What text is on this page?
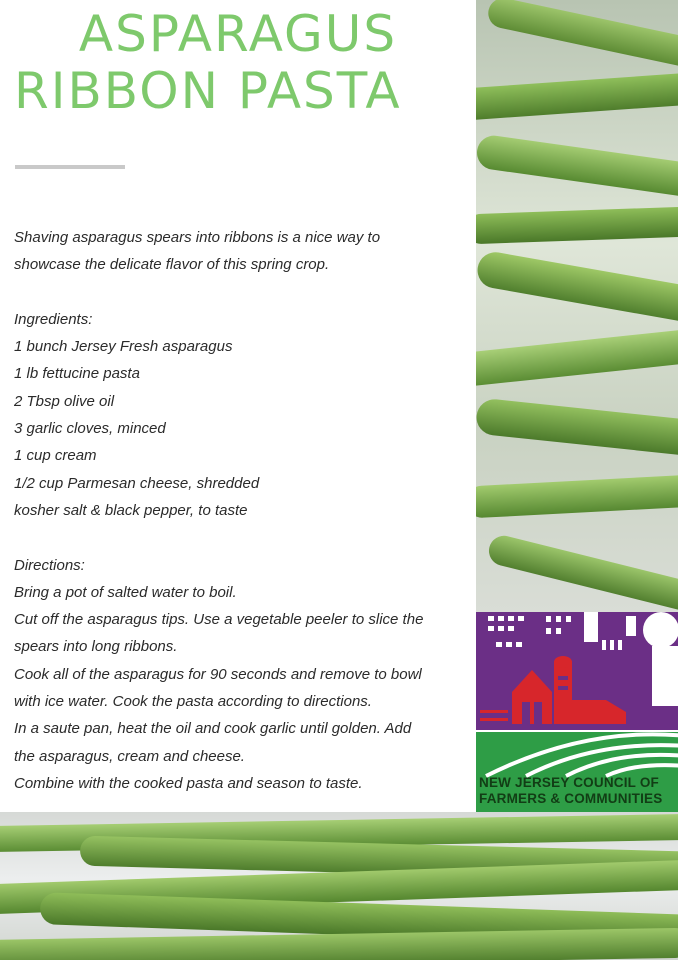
ASPARAGUS
RIBBON PASTA

Shaving asparagus spears into ribbons is a nice way to

showcase the delicate flavor of this spring crop.

Ingredients:

1 bunch Jersey Fresh asparagus

1 lb fettucine pasta

2 Tbsp olive oil

3 garlic cloves, minced

1 cup cream

1/2 cup Parmesan cheese, shredded

kosher salt & black pepper, to taste

Directions:

Bring a pot of salted water to boil.

Cut off the asparagus tips. Use a vegetable peeler to slice the

spears into long ribbons.

Cook all of the asparagus for 90 seconds and remove to bowl

with ice water. Cook the pasta according to directions.

In a saute pan, heat the oil and cook garlic until golden. Add

the asparagus, cream and cheese.

Combine with the cooked pasta and season to taste.	NEW JERSEY COUNCIL OF
FARMERS & COMMUNITIES
